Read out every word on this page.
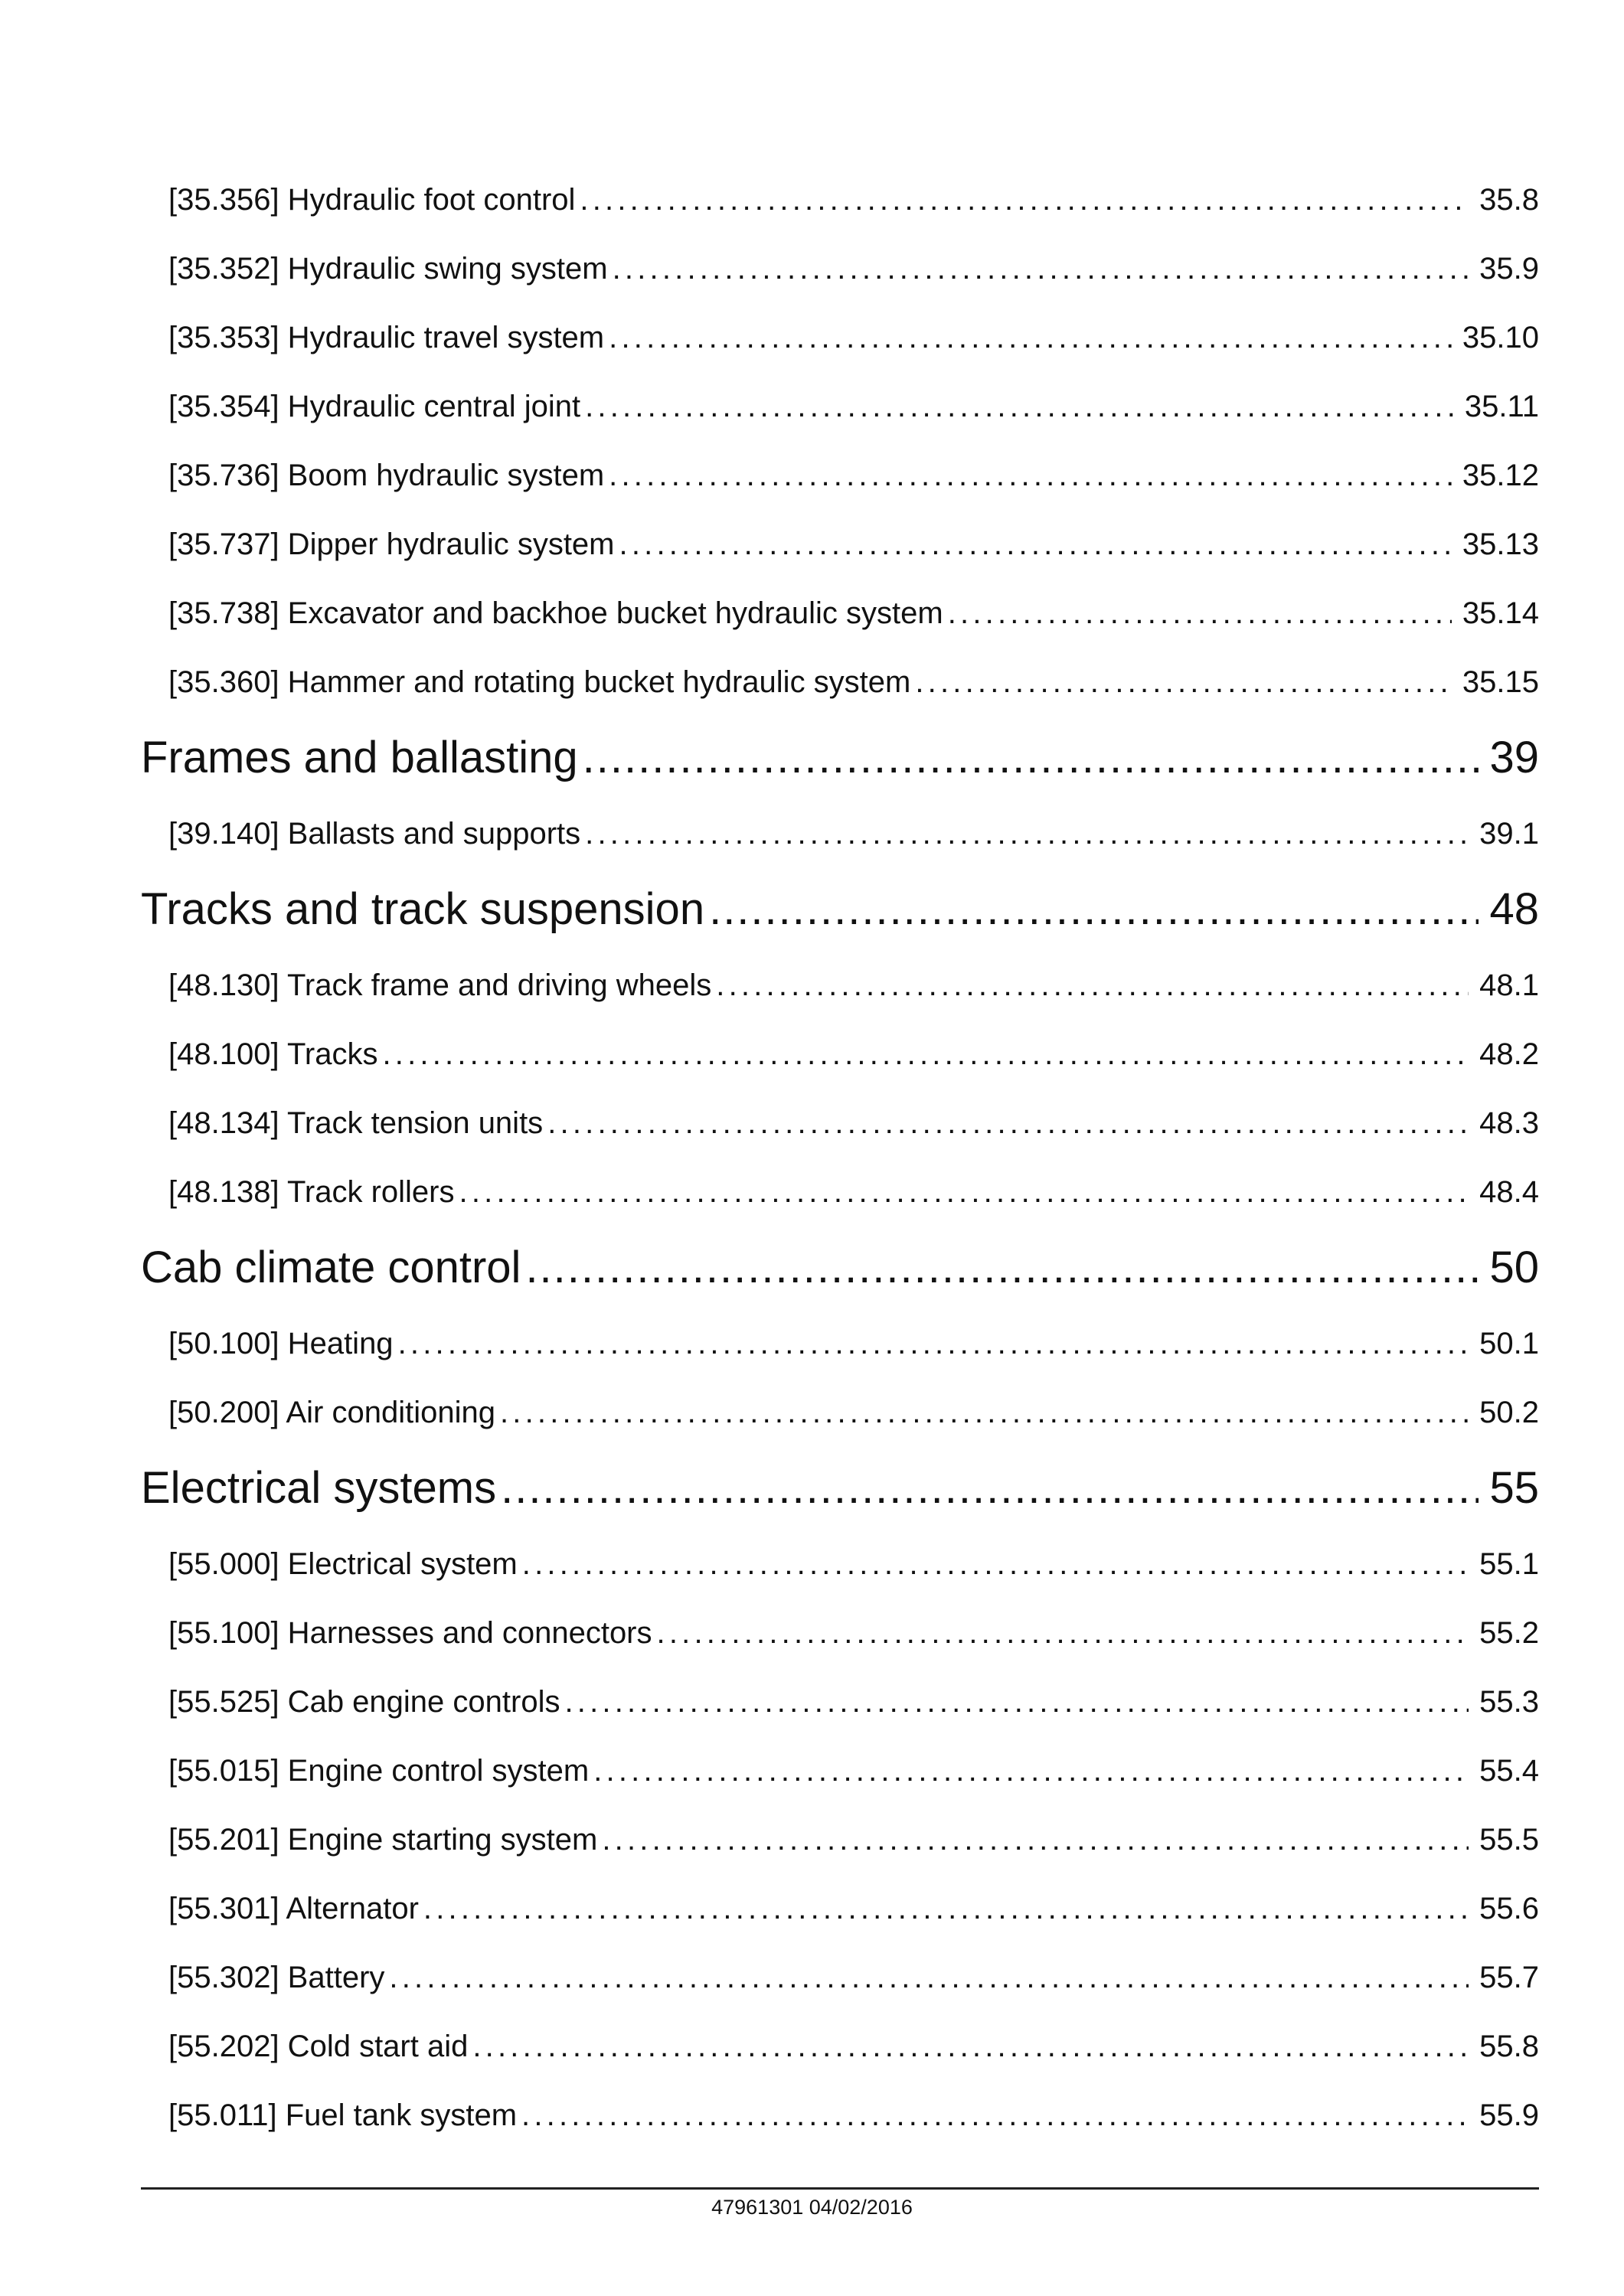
[35.356] Hydraulic foot control .....	35.8
[35.352] Hydraulic swing system .....	35.9
[35.353] Hydraulic travel system .....	35.10
[35.354] Hydraulic central joint .....	35.11
[35.736] Boom hydraulic system .....	35.12
[35.737] Dipper hydraulic system .....	35.13
[35.738] Excavator and backhoe bucket hydraulic system .....	35.14
[35.360] Hammer and rotating bucket hydraulic system .....	35.15
Frames and ballasting .....	39
[39.140] Ballasts and supports .....	39.1
Tracks and track suspension .....	48
[48.130] Track frame and driving wheels .....	48.1
[48.100] Tracks .....	48.2
[48.134] Track tension units .....	48.3
[48.138] Track rollers .....	48.4
Cab climate control .....	50
[50.100] Heating .....	50.1
[50.200] Air conditioning .....	50.2
Electrical systems .....	55
[55.000] Electrical system .....	55.1
[55.100] Harnesses and connectors .....	55.2
[55.525] Cab engine controls .....	55.3
[55.015] Engine control system .....	55.4
[55.201] Engine starting system .....	55.5
[55.301] Alternator .....	55.6
[55.302] Battery .....	55.7
[55.202] Cold start aid .....	55.8
[55.011] Fuel tank system .....	55.9
47961301 04/02/2016
